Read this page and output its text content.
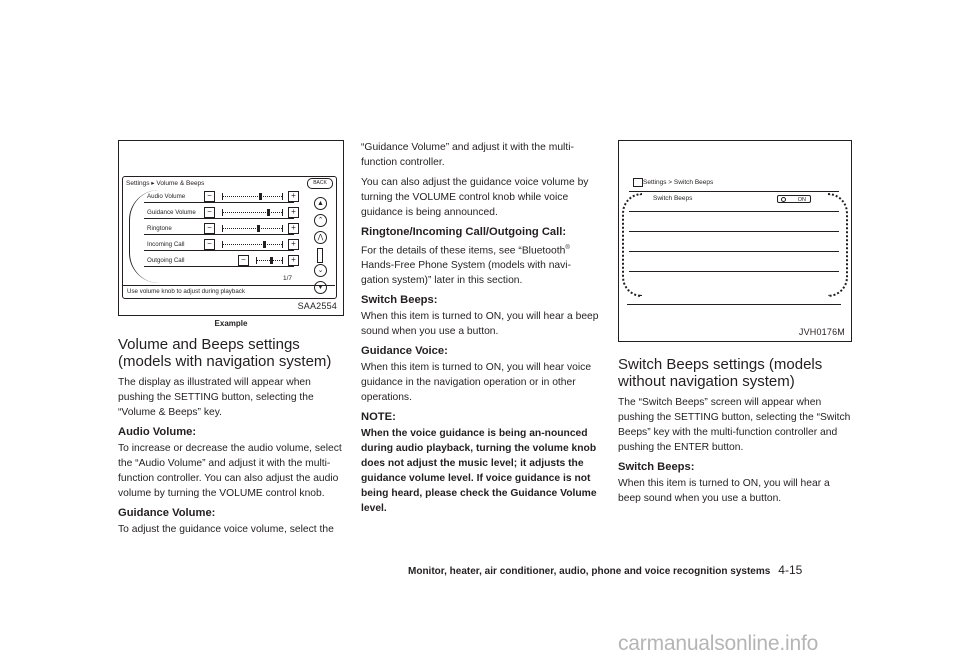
Settings ▸ Volume & Beeps	BACK
Audio Volume	−	+
Guidance Volume	−	+
Ringtone	−	+
Incoming Call	−	+
Outgoing Call	−	+
▲
⌃
⋀
⌄
▼
1/7
Use volume knob to adjust during playback
SAA2554
Example
Volume and Beeps settings (models with navigation system)

The display as illustrated will appear when pushing the SETTING button, selecting the “Volume & Beeps” key.

Audio Volume:

To increase or decrease the audio volume, select the “Audio Volume” and adjust it with the multi-function controller. You can also adjust the audio volume by turning the VOLUME control knob.

Guidance Volume:

To adjust the guidance voice volume, select the

“Guidance Volume” and adjust it with the multi-function controller.

You can also adjust the guidance voice volume by turning the VOLUME control knob while voice guidance is being announced.

Ringtone/Incoming Call/Outgoing Call:

For the details of these items, see “Bluetooth® Hands-Free Phone System (models with navi-gation system)” later in this section.

Switch Beeps:

When this item is turned to ON, you will hear a beep sound when you use a button.

Guidance Voice:

When this item is turned to ON, you will hear voice guidance in the navigation operation or in other operations.

NOTE:

When the voice guidance is being an-nounced during audio playback, turning the volume knob does not adjust the music level; it adjusts the guidance volume level. If voice guidance is not being heard, please check the Guidance Volume level.

Settings > Switch Beeps
Switch Beeps	ON
JVH0176M
Switch Beeps settings (models without navigation system)

The “Switch Beeps” screen will appear when pushing the SETTING button, selecting the “Switch Beeps” key with the multi-function controller and pushing the ENTER button.

Switch Beeps:

When this item is turned to ON, you will hear a beep sound when you use a button.

Monitor, heater, air conditioner, audio, phone and voice recognition systems 4-15
carmanualsonline.info
